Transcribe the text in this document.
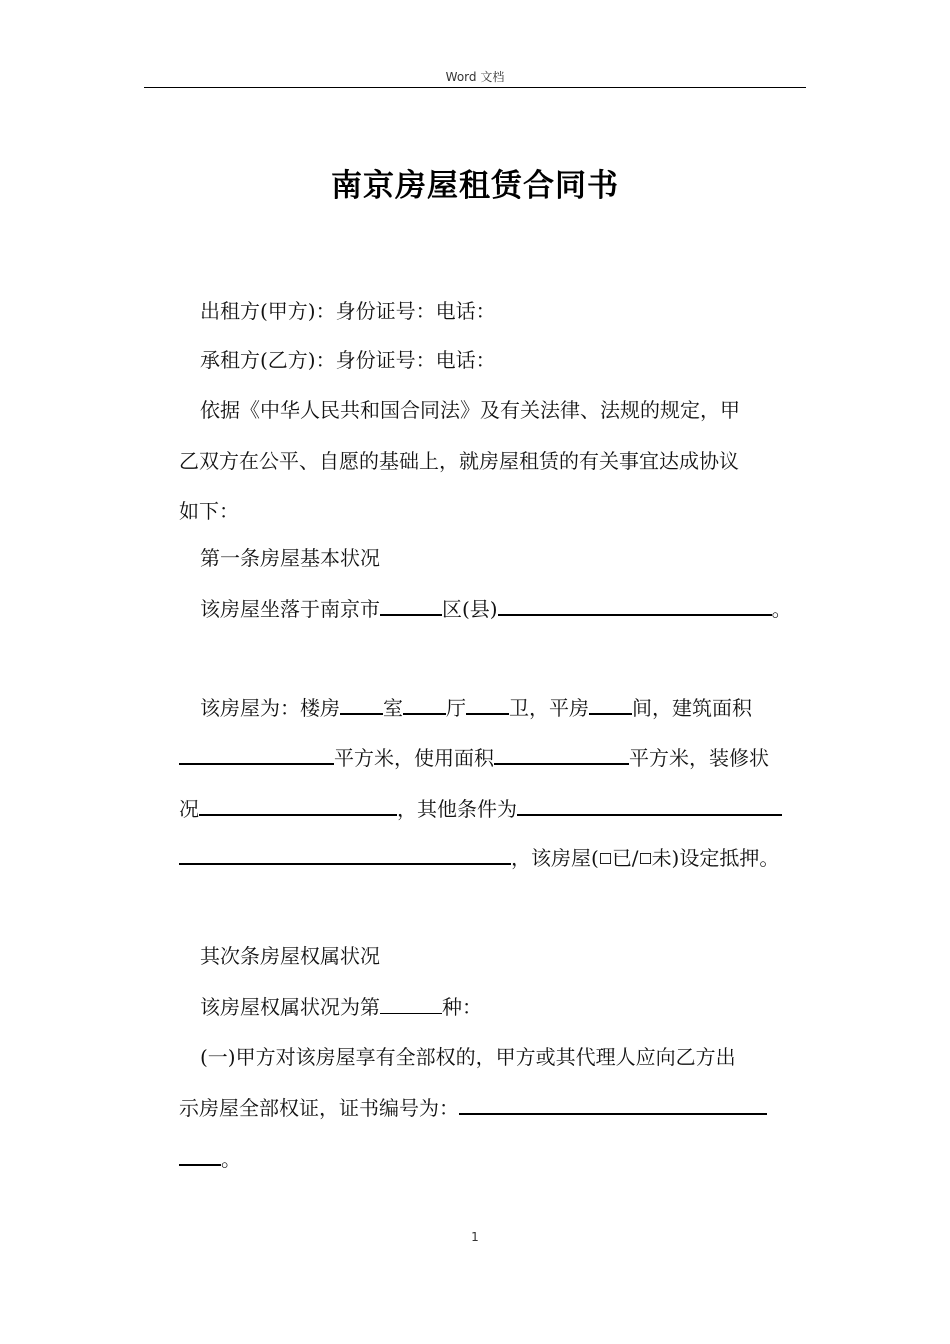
Word 文档
南京房屋租赁合同书
出租方(甲方)：身份证号：电话：
承租方(乙方)：身份证号：电话：
依据《中华人民共和国合同法》及有关法律、法规的规定，甲
乙双方在公平、自愿的基础上，就房屋租赁的有关事宜达成协议
如下：
第一条房屋基本状况
该房屋坐落于南京市	区(县)	。
该房屋为：楼房 室 厅 卫，平房 间，建筑面积
平方米，使用面积	平方米，装修状
况	，其他条件为
，该房屋( 已/ 未)设定抵押。
其次条房屋权属状况
该房屋权属状况为第	种：
(一)甲方对该房屋享有全部权的，甲方或其代理人应向乙方出
示房屋全部权证，证书编号为：
。
1
